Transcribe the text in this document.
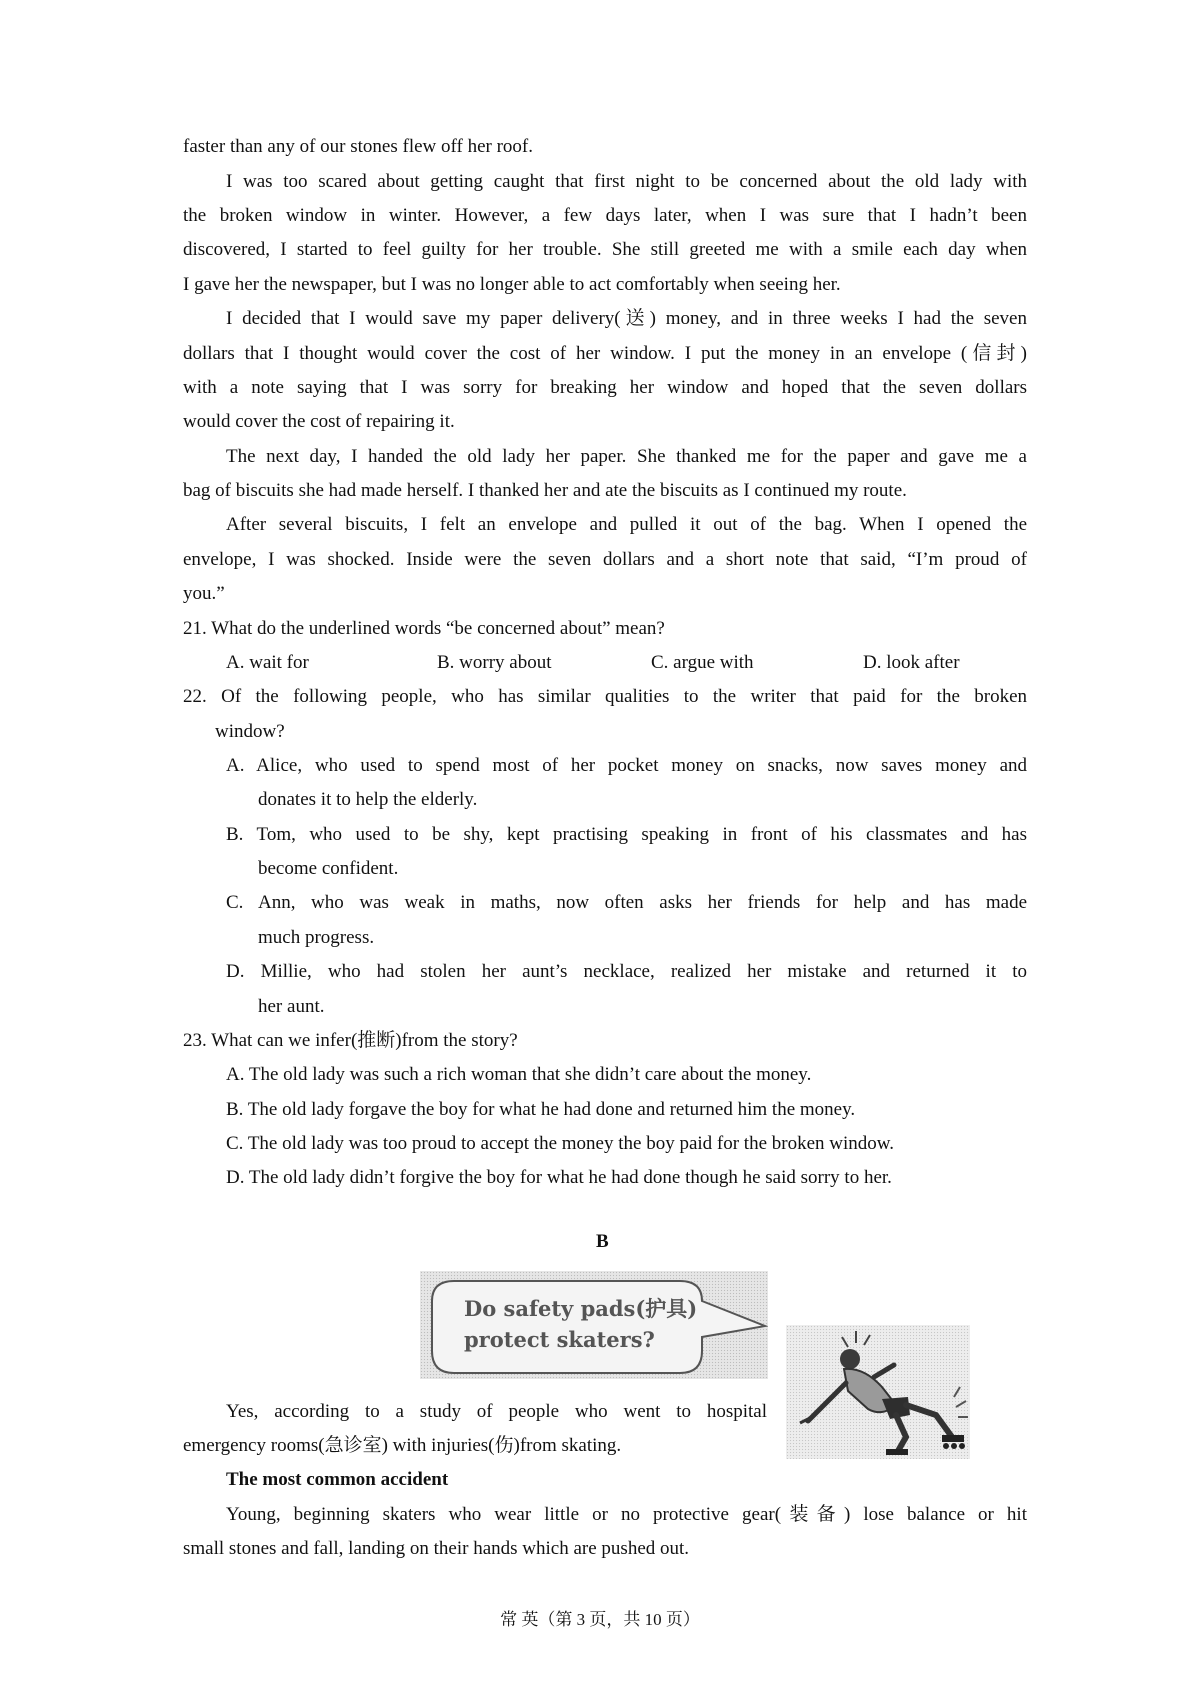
faster than any of our stones flew off her roof.
I was too scared about getting caught that first night to be concerned about the old lady with
the broken window in winter. However, a few days later, when I was sure that I hadn’t been
discovered, I started to feel guilty for her trouble. She still greeted me with a smile each day when
I gave her the newspaper, but I was no longer able to act comfortably when seeing her.
I decided that I would save my paper delivery(送) money, and in three weeks I had the seven
dollars that I thought would cover the cost of her window. I put the money in an envelope (信封)
with a note saying that I was sorry for breaking her window and hoped that the seven dollars
would cover the cost of repairing it.
The next day, I handed the old lady her paper. She thanked me for the paper and gave me a
bag of biscuits she had made herself. I thanked her and ate the biscuits as I continued my route.
After several biscuits, I felt an envelope and pulled it out of the bag. When I opened the
envelope, I was shocked. Inside were the seven dollars and a short note that said, “I’m proud of
you.”
21. What do the underlined words “be concerned about” mean?
A. wait for	B. worry about	C. argue with	D. look after
22. Of the following people, who has similar qualities to the writer that paid for the broken
window?
A. Alice, who used to spend most of her pocket money on snacks, now saves money and
donates it to help the elderly.
B. Tom, who used to be shy, kept practising speaking in front of his classmates and has
become confident.
C. Ann, who was weak in maths, now often asks her friends for help and has made
much progress.
D. Millie, who had stolen her aunt’s necklace, realized her mistake and returned it to
her aunt.
23. What can we infer(推断)from the story?
A. The old lady was such a rich woman that she didn’t care about the money.
B. The old lady forgave the boy for what he had done and returned him the money.
C. The old lady was too proud to accept the money the boy paid for the broken window.
D. The old lady didn’t forgive the boy for what he had done though he said sorry to her.
B
Do safety pads(护具) protect skaters?
Yes, according to a study of people who went to hospital
emergency rooms(急诊室) with injuries(伤)from skating.
The most common accident
Young, beginning skaters who wear little or no protective gear(装备) lose balance or hit
small stones and fall, landing on their hands which are pushed out.
常 英（第 3 页，共 10 页）
